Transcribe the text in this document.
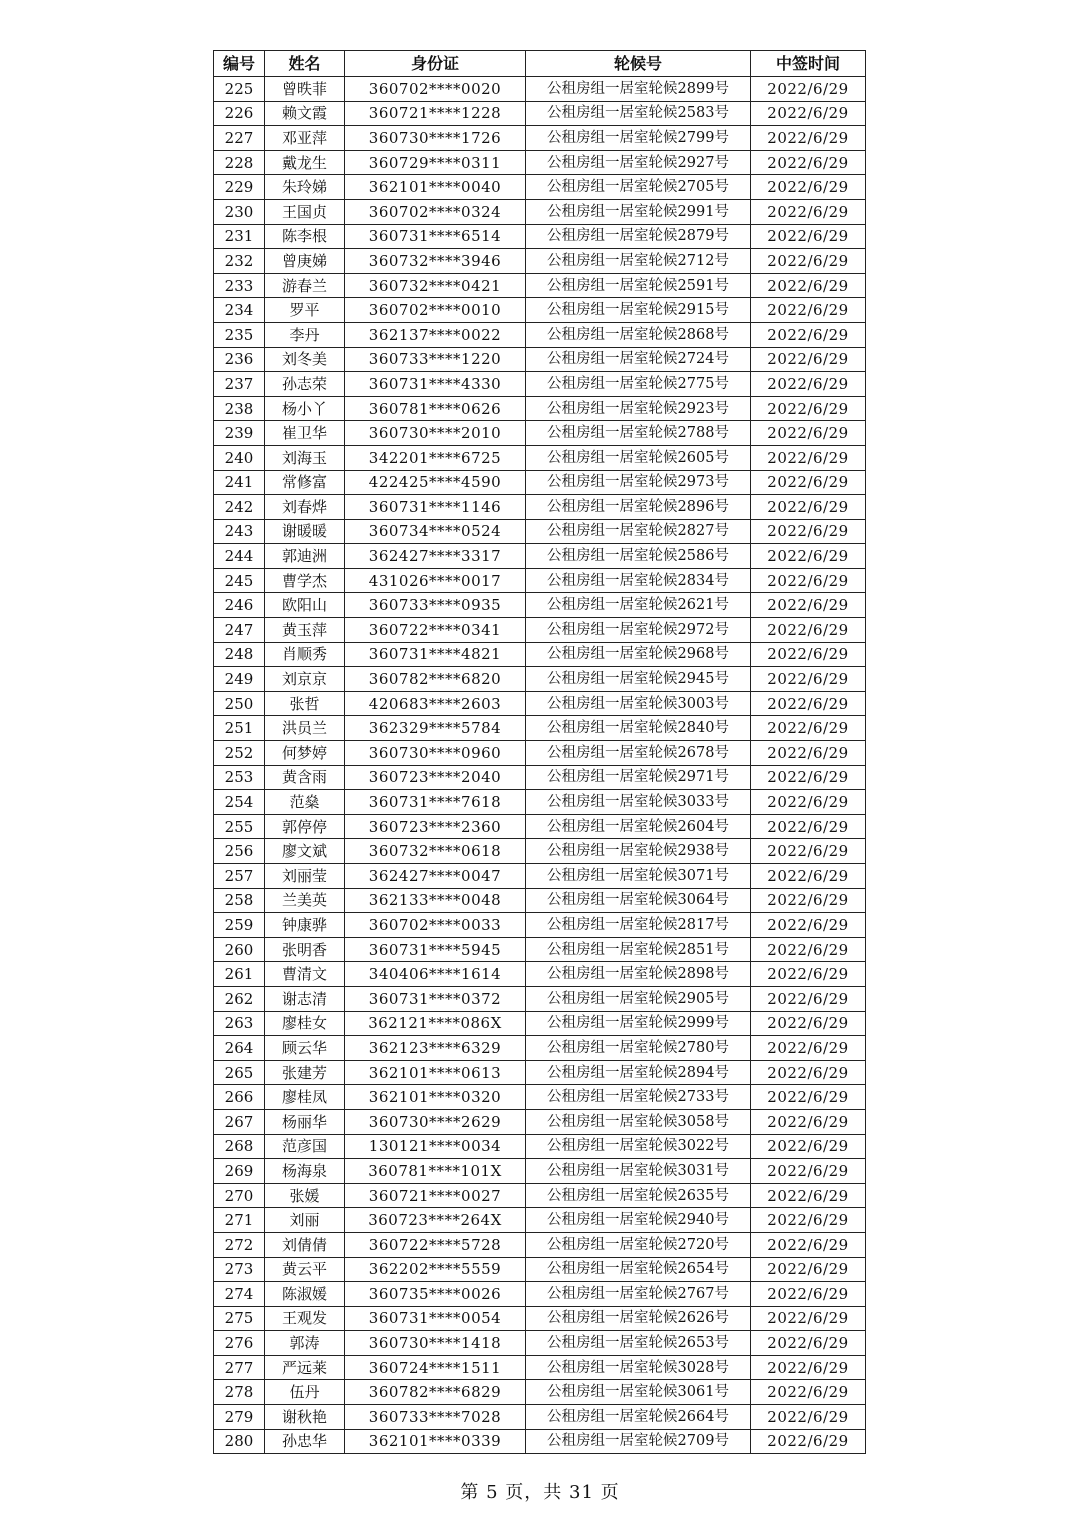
编号	姓名	身份证	轮候号	中签时间
225	曾昳菲	360702****0020	公租房组一居室轮候2899号	2022/6/29
226	赖文霞	360721****1228	公租房组一居室轮候2583号	2022/6/29
227	邓亚萍	360730****1726	公租房组一居室轮候2799号	2022/6/29
228	戴龙生	360729****0311	公租房组一居室轮候2927号	2022/6/29
229	朱玲娣	362101****0040	公租房组一居室轮候2705号	2022/6/29
230	王国贞	360702****0324	公租房组一居室轮候2991号	2022/6/29
231	陈李根	360731****6514	公租房组一居室轮候2879号	2022/6/29
232	曾庚娣	360732****3946	公租房组一居室轮候2712号	2022/6/29
233	游春兰	360732****0421	公租房组一居室轮候2591号	2022/6/29
234	罗平	360702****0010	公租房组一居室轮候2915号	2022/6/29
235	李丹	362137****0022	公租房组一居室轮候2868号	2022/6/29
236	刘冬美	360733****1220	公租房组一居室轮候2724号	2022/6/29
237	孙志荣	360731****4330	公租房组一居室轮候2775号	2022/6/29
238	杨小丫	360781****0626	公租房组一居室轮候2923号	2022/6/29
239	崔卫华	360730****2010	公租房组一居室轮候2788号	2022/6/29
240	刘海玉	342201****6725	公租房组一居室轮候2605号	2022/6/29
241	常修富	422425****4590	公租房组一居室轮候2973号	2022/6/29
242	刘春烨	360731****1146	公租房组一居室轮候2896号	2022/6/29
243	谢暖暖	360734****0524	公租房组一居室轮候2827号	2022/6/29
244	郭迪洲	362427****3317	公租房组一居室轮候2586号	2022/6/29
245	曹学杰	431026****0017	公租房组一居室轮候2834号	2022/6/29
246	欧阳山	360733****0935	公租房组一居室轮候2621号	2022/6/29
247	黄玉萍	360722****0341	公租房组一居室轮候2972号	2022/6/29
248	肖顺秀	360731****4821	公租房组一居室轮候2968号	2022/6/29
249	刘京京	360782****6820	公租房组一居室轮候2945号	2022/6/29
250	张哲	420683****2603	公租房组一居室轮候3003号	2022/6/29
251	洪员兰	362329****5784	公租房组一居室轮候2840号	2022/6/29
252	何梦婷	360730****0960	公租房组一居室轮候2678号	2022/6/29
253	黄含雨	360723****2040	公租房组一居室轮候2971号	2022/6/29
254	范燊	360731****7618	公租房组一居室轮候3033号	2022/6/29
255	郭停停	360723****2360	公租房组一居室轮候2604号	2022/6/29
256	廖文斌	360732****0618	公租房组一居室轮候2938号	2022/6/29
257	刘丽莹	362427****0047	公租房组一居室轮候3071号	2022/6/29
258	兰美英	362133****0048	公租房组一居室轮候3064号	2022/6/29
259	钟康骅	360702****0033	公租房组一居室轮候2817号	2022/6/29
260	张明香	360731****5945	公租房组一居室轮候2851号	2022/6/29
261	曹清文	340406****1614	公租房组一居室轮候2898号	2022/6/29
262	谢志清	360731****0372	公租房组一居室轮候2905号	2022/6/29
263	廖桂女	362121****086X	公租房组一居室轮候2999号	2022/6/29
264	顾云华	362123****6329	公租房组一居室轮候2780号	2022/6/29
265	张建芳	362101****0613	公租房组一居室轮候2894号	2022/6/29
266	廖桂凤	362101****0320	公租房组一居室轮候2733号	2022/6/29
267	杨丽华	360730****2629	公租房组一居室轮候3058号	2022/6/29
268	范彦国	130121****0034	公租房组一居室轮候3022号	2022/6/29
269	杨海泉	360781****101X	公租房组一居室轮候3031号	2022/6/29
270	张媛	360721****0027	公租房组一居室轮候2635号	2022/6/29
271	刘丽	360723****264X	公租房组一居室轮候2940号	2022/6/29
272	刘倩倩	360722****5728	公租房组一居室轮候2720号	2022/6/29
273	黄云平	362202****5559	公租房组一居室轮候2654号	2022/6/29
274	陈淑媛	360735****0026	公租房组一居室轮候2767号	2022/6/29
275	王观发	360731****0054	公租房组一居室轮候2626号	2022/6/29
276	郭涛	360730****1418	公租房组一居室轮候2653号	2022/6/29
277	严远莱	360724****1511	公租房组一居室轮候3028号	2022/6/29
278	伍丹	360782****6829	公租房组一居室轮候3061号	2022/6/29
279	谢秋艳	360733****7028	公租房组一居室轮候2664号	2022/6/29
280	孙忠华	362101****0339	公租房组一居室轮候2709号	2022/6/29
第 5 页，共 31 页
